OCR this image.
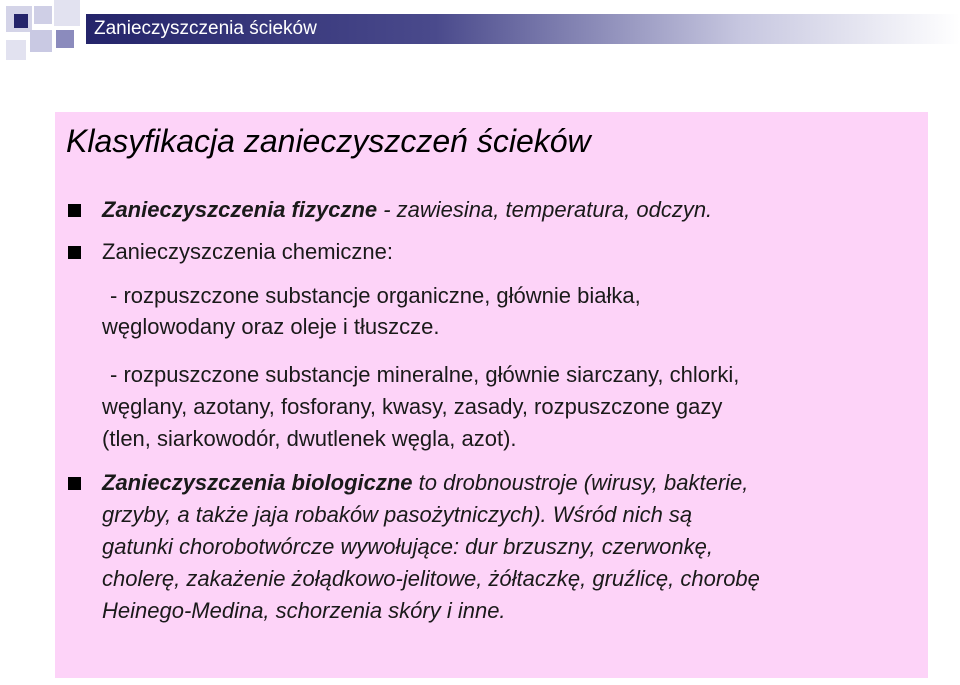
Zanieczyszczenia ścieków
Klasyfikacja zanieczyszczeń ścieków
Zanieczyszczenia fizyczne - zawiesina, temperatura, odczyn.
Zanieczyszczenia chemiczne:
- rozpuszczone substancje organiczne, głównie białka,
węglowodany oraz oleje i tłuszcze.
- rozpuszczone substancje mineralne, głównie siarczany, chlorki,
węglany, azotany, fosforany, kwasy, zasady, rozpuszczone gazy
(tlen, siarkowodór, dwutlenek węgla, azot).
Zanieczyszczenia biologiczne to drobnoustroje (wirusy, bakterie,
grzyby, a także jaja robaków pasożytniczych). Wśród nich są
gatunki chorobotwórcze wywołujące: dur brzuszny, czerwonkę,
cholerę, zakażenie żołądkowo-jelitowe, żółtaczkę, gruźlicę, chorobę
Heinego-Medina, schorzenia skóry i inne.
